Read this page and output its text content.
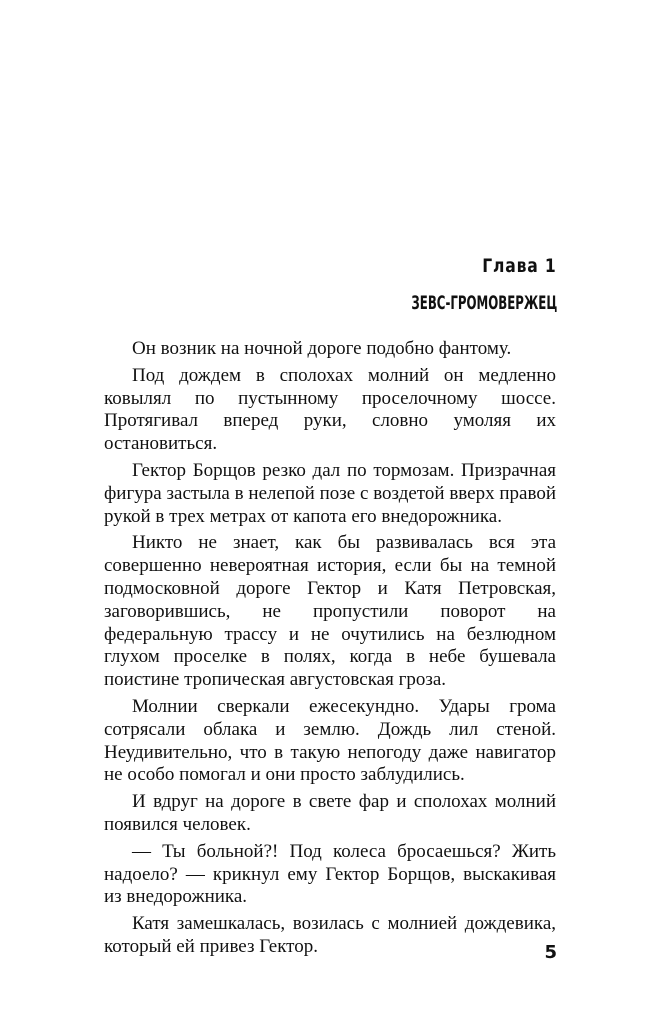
Глава 1
ЗЕВС-ГРОМОВЕРЖЕЦ

Он возник на ночной дороге подобно фантому.

Под дождем в сполохах молний он медленно ковылял по пустынному проселочному шоссе. Протягивал вперед руки, словно умоляя их остановиться.

Гектор Борщов резко дал по тормозам. Призрачная фигура застыла в нелепой позе с воздетой вверх правой рукой в трех метрах от капота его внедорожника.

Никто не знает, как бы развивалась вся эта совершенно невероятная история, если бы на темной подмосковной дороге Гектор и Катя Петровская, заговорившись, не пропустили поворот на федеральную трассу и не очутились на безлюдном глухом проселке в полях, когда в небе бушевала поистине тропическая августовская гроза.

Молнии сверкали ежесекундно. Удары грома сотрясали облака и землю. Дождь лил стеной. Неудивительно, что в такую непогоду даже навигатор не особо помогал и они просто заблудились.

И вдруг на дороге в свете фар и сполохах молний появился человек.

— Ты больной?! Под колеса бросаешься? Жить надоело? — крикнул ему Гектор Борщов, выскакивая из внедорожника.

Катя замешкалась, возилась с молнией дождевика, который ей привез Гектор.	5
